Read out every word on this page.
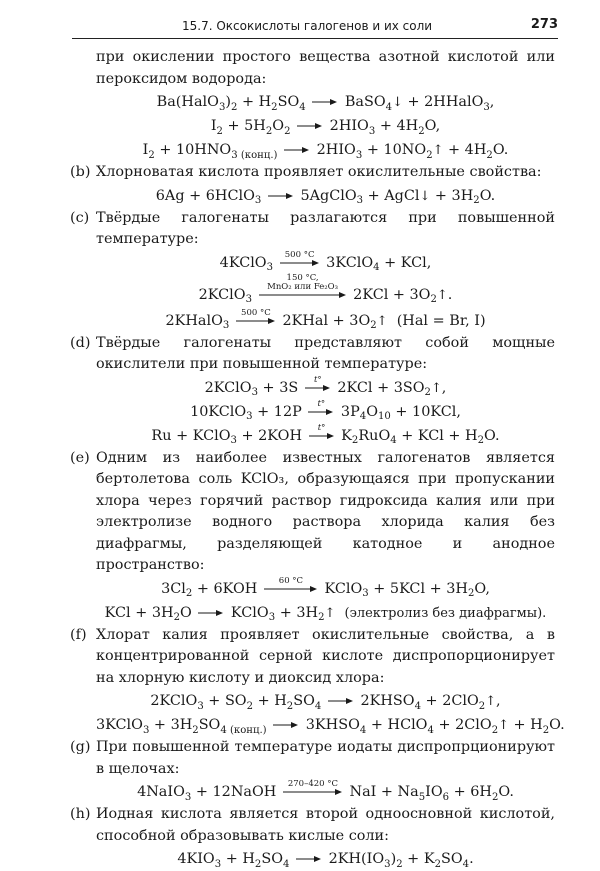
15.7. Оксокислоты галогенов и их соли	273

при окислении простого вещества азотной кислотой или пероксидом водорода:

$Ba(HalO_3)_2 + H_2SO_4$
BaSO$_4$↓ + 2HHalO$_3$,
$I_2 + 5H_2O_2$
$2HIO_3 + 4H_2O$,
$I_2 + 10HNO_{3 (конц.)}$
$2HIO_3$ + $10NO_2↑ + 4H_2O$.

(b) Хлорноватая кислота проявляет окислительные свойства:

6Ag + 6HClO$_3$
5AgClO$_3$ + AgCl↓ + $3H_2O$.

(c) Твёрдые галогенаты разлагаются при повышенной температуре:

4KClO$_3$
500 °C 3KClO$_4$ + KCl,
2KClO$_3$
150 °C,
MnO₂ или Fe₂O₃ $2KCl + 3O_2↑$.
2KHalO$_3$
500 °C 2KHal + $3O_2↑$ (Hal = Br, I)

(d) Твёрдые галогенаты представляют собой мощные окислители при повышенной температуре:

2KClO$_3$ + 3S	t° $2KCl + 3SO_2↑$,
10KClO$_3$ + 12P	t° $3P_4O_{10} + 10KCl$,
Ru + KClO$_3$ + 2KOH	t° $K_2RuO_4$ + KCl + $H_2O$.

(e) Одним из наиболее известных галогенатов является бертолетова соль KClO₃, образующаяся при пропускании хлора через горячий раствор гидроксида калия или при электролизе водного раствора хлорида калия без диафрагмы, разделяющей катодное и анодное пространство:

$3Cl_2 + 6KOH$	60 °C	KClO$_3$ + $5KCl + 3H_2O$,
KCl + $3H_2O$
KClO$_3$ + $3H_2↑$ (электролиз без диафрагмы).

(f) Хлорат калия проявляет окислительные свойства, а в концентрированной серной кислоте диспропорционирует на хлорную кислоту и диоксид хлора:

2KClO$_3$ + $SO_2 + H_2SO_4$
$2KHSO_4$ + 2ClO$_2$↑,
3KClO$_3$ + $3H_2SO_{4 (конц.)}$
$3KHSO_4$ + HClO$_4$ + 2ClO$_2$↑ + $H_2O$.

(g) При повышенной температуре иодаты диспропрционируют в щелочах:

4NaIO$_3$ + 12NaOH 270–420 °C NaI + $Na_5IO_6 + 6H_2O$.

(h) Иодная кислота является второй одноосновной кислотой, способной образовывать кислые соли:

$4KIO_3 + H_2SO_4$
$2KH(IO_3)_2 + K_2SO_4$.
